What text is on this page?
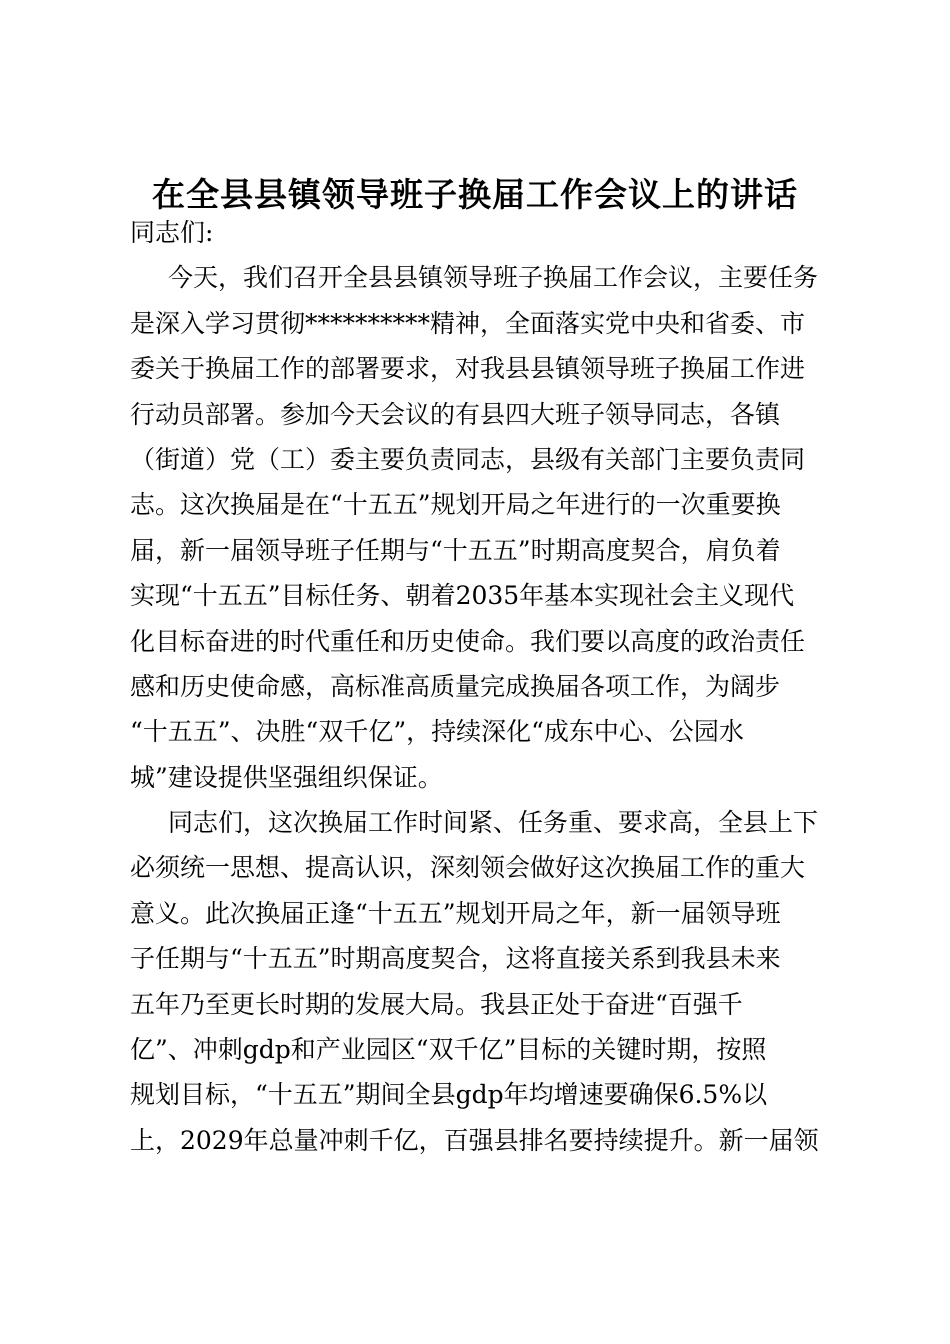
在全县县镇领导班子换届工作会议上的讲话
同志们:
今天，我们召开全县县镇领导班子换届工作会议，主要任务
是深入学习贯彻**********精神，全面落实党中央和省委、市
委关于换届工作的部署要求，对我县县镇领导班子换届工作进
行动员部署。参加今天会议的有县四大班子领导同志，各镇
（街道）党（工）委主要负责同志，县级有关部门主要负责同
志。这次换届是在“十五五”规划开局之年进行的一次重要换
届，新一届领导班子任期与“十五五”时期高度契合，肩负着
实现“十五五”目标任务、朝着2035年基本实现社会主义现代
化目标奋进的时代重任和历史使命。我们要以高度的政治责任
感和历史使命感，高标准高质量完成换届各项工作，为阔步
“十五五”、决胜“双千亿”，持续深化“成东中心、公园水
城”建设提供坚强组织保证。
同志们，这次换届工作时间紧、任务重、要求高，全县上下
必须统一思想、提高认识，深刻领会做好这次换届工作的重大
意义。此次换届正逢“十五五”规划开局之年，新一届领导班
子任期与“十五五”时期高度契合，这将直接关系到我县未来
五年乃至更长时期的发展大局。我县正处于奋进“百强千
亿”、冲刺gdp和产业园区“双千亿”目标的关键时期，按照
规划目标，“十五五”期间全县gdp年均增速要确保6.5%以
上，2029年总量冲刺千亿，百强县排名要持续提升。新一届领
